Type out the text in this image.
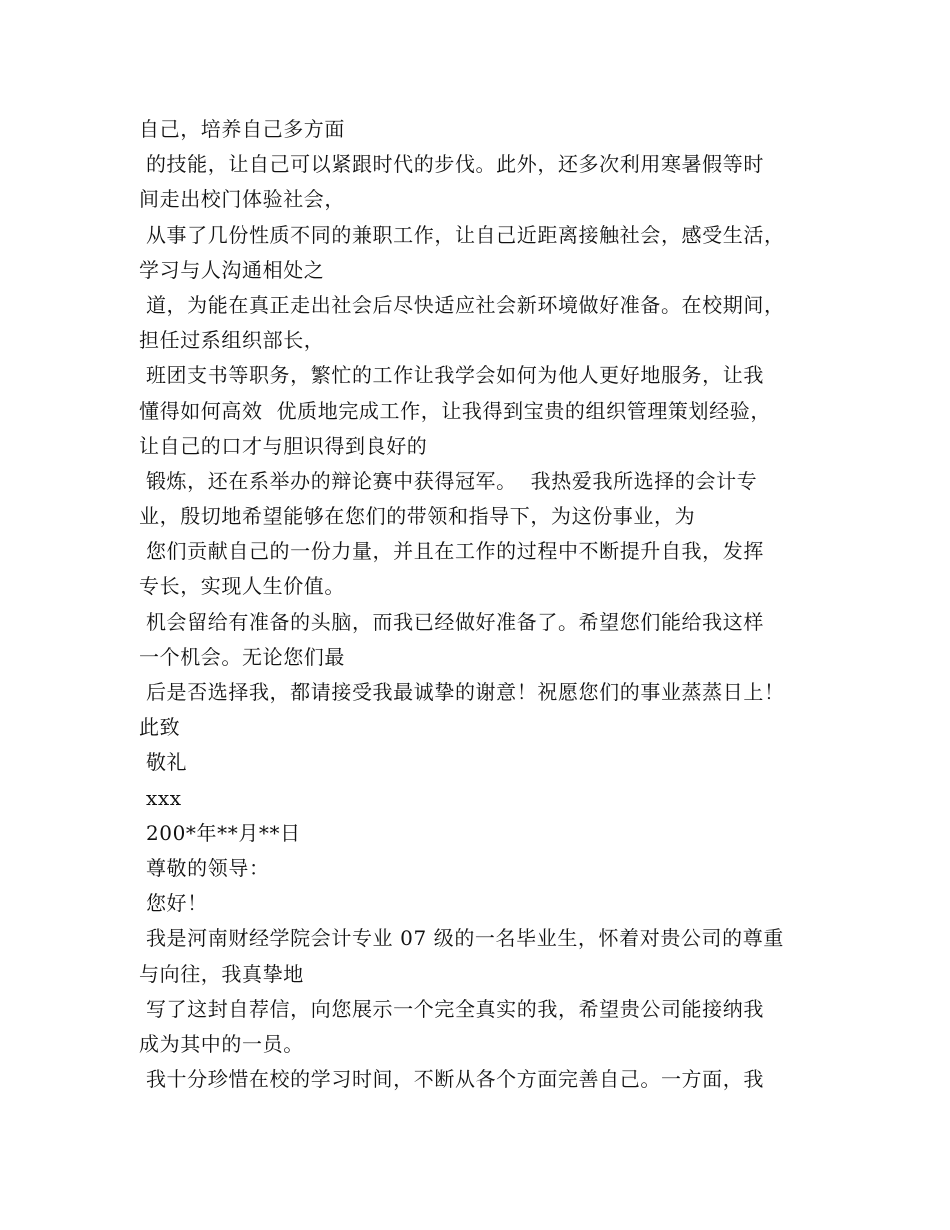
自己，培养自己多方面
的技能，让自己可以紧跟时代的步伐。此外，还多次利用寒暑假等时
间走出校门体验社会，
从事了几份性质不同的兼职工作，让自己近距离接触社会，感受生活，
学习与人沟通相处之
道，为能在真正走出社会后尽快适应社会新环境做好准备。在校期间，
担任过系组织部长，
班团支书等职务，繁忙的工作让我学会如何为他人更好地服务，让我
懂得如何高效  优质地完成工作，让我得到宝贵的组织管理策划经验，
让自己的口才与胆识得到良好的
锻炼，还在系举办的辩论赛中获得冠军。  我热爱我所选择的会计专
业，殷切地希望能够在您们的带领和指导下，为这份事业，为
您们贡献自己的一份力量，并且在工作的过程中不断提升自我，发挥
专长，实现人生价值。
机会留给有准备的头脑，而我已经做好准备了。希望您们能给我这样
一个机会。无论您们最
后是否选择我，都请接受我最诚挚的谢意！祝愿您们的事业蒸蒸日上！
此致
敬礼
xxx
200*年**月**日
尊敬的领导：
您好！
我是河南财经学院会计专业 07 级的一名毕业生，怀着对贵公司的尊重
与向往，我真挚地
写了这封自荐信，向您展示一个完全真实的我，希望贵公司能接纳我
成为其中的一员。
我十分珍惜在校的学习时间，不断从各个方面完善自己。一方面，我
